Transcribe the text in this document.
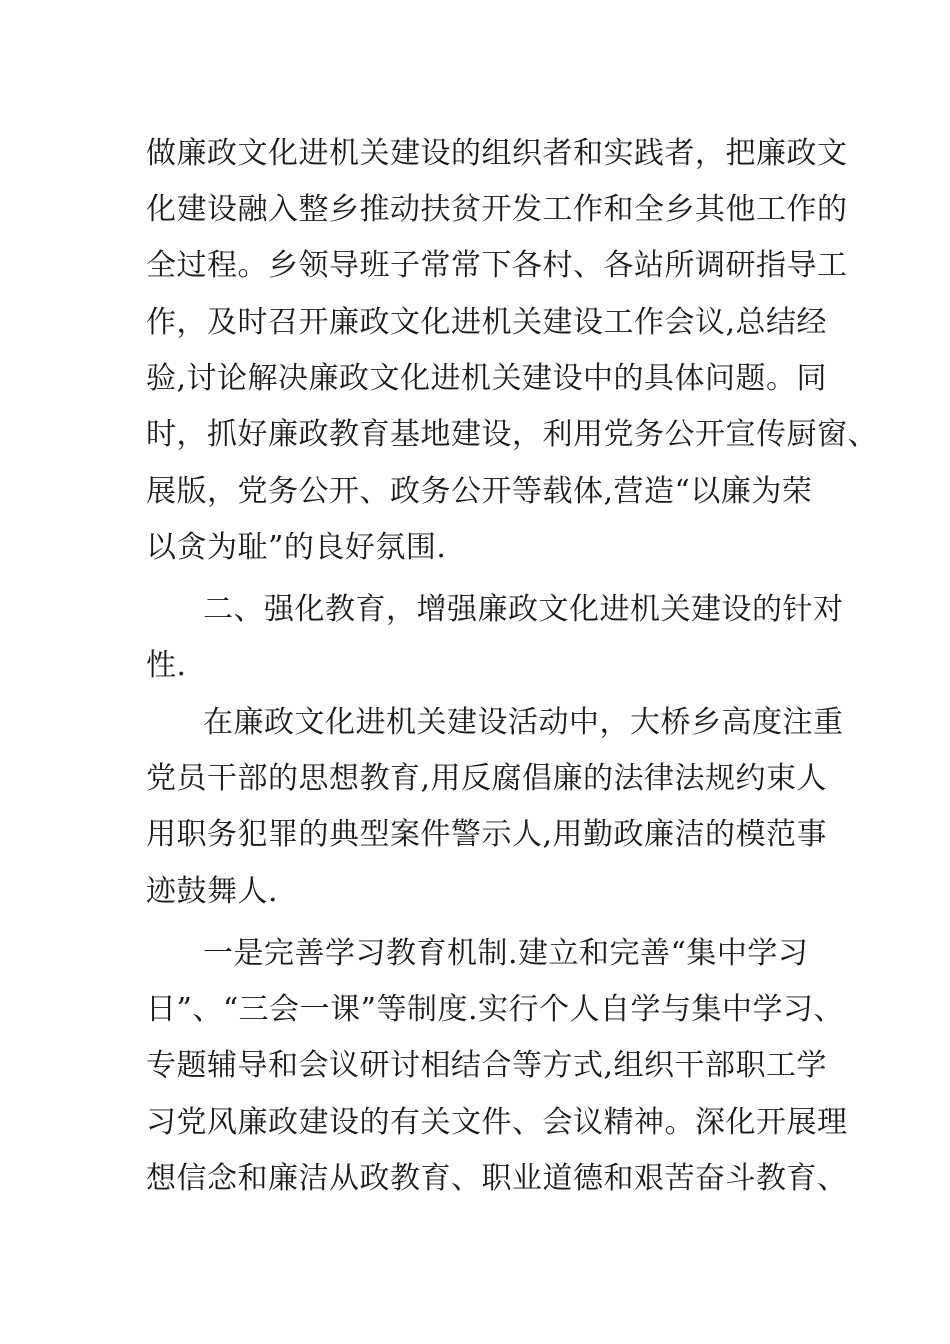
做廉政文化进机关建设的组织者和实践者，把廉政文
化建设融入整乡推动扶贫开发工作和全乡其他工作的
全过程。乡领导班子常常下各村、各站所调研指导工
作，及时召开廉政文化进机关建设工作会议,总结经
验,讨论解决廉政文化进机关建设中的具体问题。同
时，抓好廉政教育基地建设，利用党务公开宣传厨窗、
展版，党务公开、政务公开等载体,营造“以廉为荣
以贪为耻”的良好氛围.
二、强化教育，增强廉政文化进机关建设的针对
性.
在廉政文化进机关建设活动中，大桥乡高度注重
党员干部的思想教育,用反腐倡廉的法律法规约束人
用职务犯罪的典型案件警示人,用勤政廉洁的模范事
迹鼓舞人.
一是完善学习教育机制.建立和完善“集中学习
日”、“三会一课”等制度.实行个人自学与集中学习、
专题辅导和会议研讨相结合等方式,组织干部职工学
习党风廉政建设的有关文件、会议精神。深化开展理
想信念和廉洁从政教育、职业道德和艰苦奋斗教育、
